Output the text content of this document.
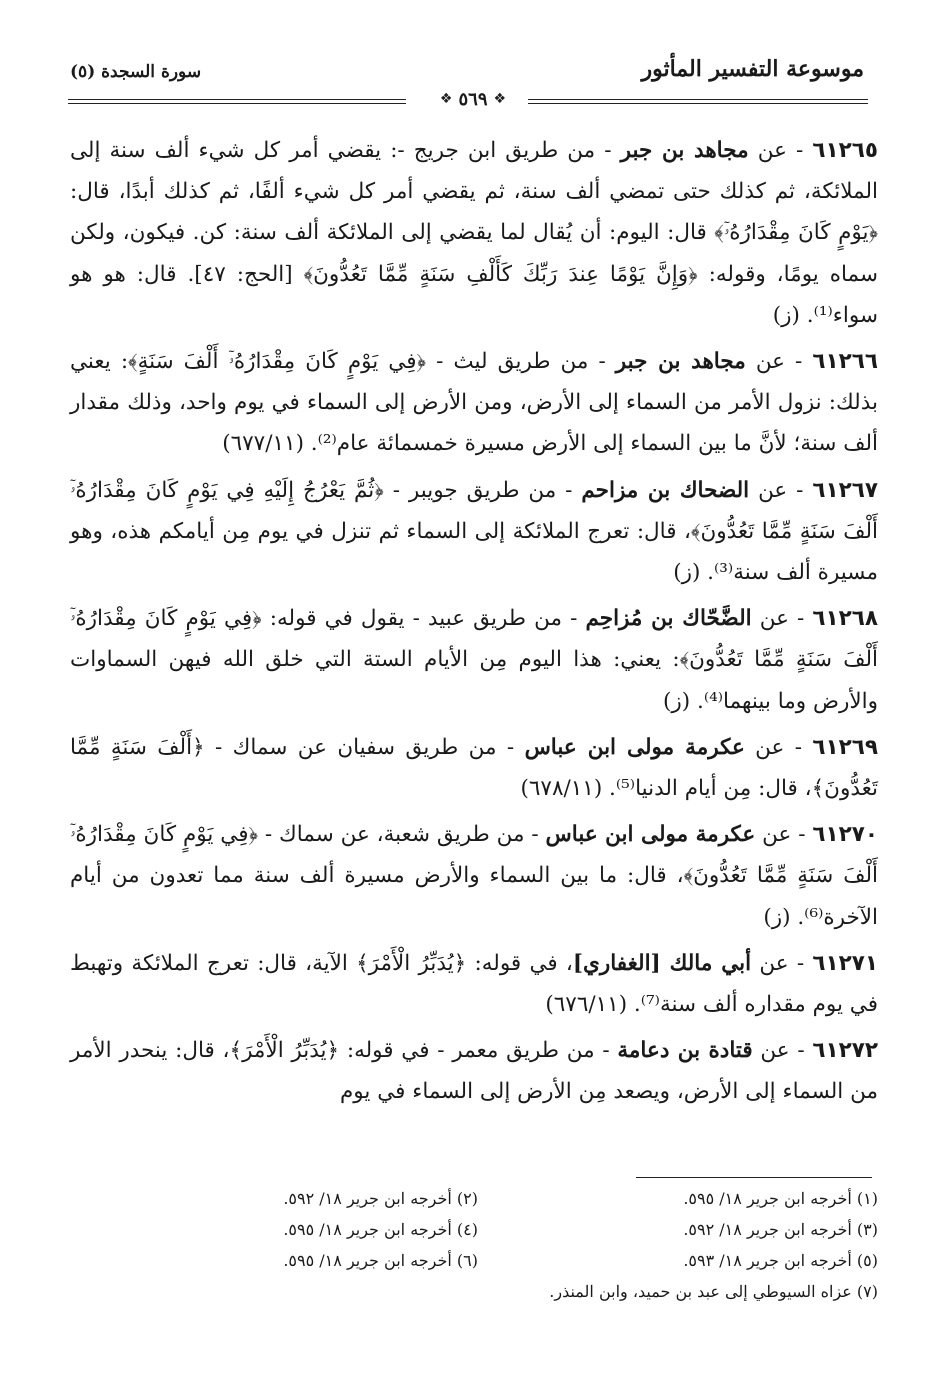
موسوعة التفسير المأثور
سورة السجدة (٥)
❖ ٥٦٩ ❖

٦١٢٦٥ - عن مجاهد بن جبر - من طريق ابن جريج -: يقضي أمر كل شيء ألف سنة إلى الملائكة، ثم كذلك حتى تمضي ألف سنة، ثم يقضي أمر كل شيء ألفًا، ثم كذلك أبدًا، قال: ﴿يَوْمٍ كَانَ مِقْدَارُهُۥٓ﴾ قال: اليوم: أن يُقال لما يقضي إلى الملائكة ألف سنة: كن. فيكون، ولكن سماه يومًا، وقوله: ﴿وَإِنَّ يَوْمًا عِندَ رَبِّكَ كَأَلْفِ سَنَةٍ مِّمَّا تَعُدُّونَ﴾ [الحج: ٤٧]. قال: هو هو سواء⁽¹⁾. (ز)

٦١٢٦٦ - عن مجاهد بن جبر - من طريق ليث - ﴿فِي يَوْمٍ كَانَ مِقْدَارُهُۥٓ أَلْفَ سَنَةٍ﴾: يعني بذلك: نزول الأمر من السماء إلى الأرض، ومن الأرض إلى السماء في يوم واحد، وذلك مقدار ألف سنة؛ لأنَّ ما بين السماء إلى الأرض مسيرة خمسمائة عام⁽²⁾. (٦٧٧/١١)

٦١٢٦٧ - عن الضحاك بن مزاحم - من طريق جويبر - ﴿ثُمَّ يَعْرُجُ إِلَيْهِ فِي يَوْمٍ كَانَ مِقْدَارُهُۥٓ أَلْفَ سَنَةٍ مِّمَّا تَعُدُّونَ﴾، قال: تعرج الملائكة إلى السماء ثم تنزل في يوم مِن أيامكم هذه، وهو مسيرة ألف سنة⁽³⁾. (ز)

٦١٢٦٨ - عن الضَّحّاك بن مُزاحِم - من طريق عبيد - يقول في قوله: ﴿فِي يَوْمٍ كَانَ مِقْدَارُهُۥٓ أَلْفَ سَنَةٍ مِّمَّا تَعُدُّونَ﴾: يعني: هذا اليوم مِن الأيام الستة التي خلق الله فيهن السماوات والأرض وما بينهما⁽⁴⁾. (ز)

٦١٢٦٩ - عن عكرمة مولى ابن عباس - من طريق سفيان عن سماك - ﴿أَلْفَ سَنَةٍ مِّمَّا تَعُدُّونَ﴾، قال: مِن أيام الدنيا⁽⁵⁾. (٦٧٨/١١)

٦١٢٧٠ - عن عكرمة مولى ابن عباس - من طريق شعبة، عن سماك - ﴿فِي يَوْمٍ كَانَ مِقْدَارُهُۥٓ أَلْفَ سَنَةٍ مِّمَّا تَعُدُّونَ﴾، قال: ما بين السماء والأرض مسيرة ألف سنة مما تعدون من أيام الآخرة⁽⁶⁾. (ز)

٦١٢٧١ - عن أبي مالك [الغفاري]، في قوله: ﴿يُدَبِّرُ الْأَمْرَ﴾ الآية، قال: تعرج الملائكة وتهبط في يوم مقداره ألف سنة⁽⁷⁾. (٦٧٦/١١)

٦١٢٧٢ - عن قتادة بن دعامة - من طريق معمر - في قوله: ﴿يُدَبِّرُ الْأَمْرَ﴾، قال: ينحدر الأمر من السماء إلى الأرض، ويصعد مِن الأرض إلى السماء في يوم

(١) أخرجه ابن جرير ١٨/ ٥٩٥.
(٢) أخرجه ابن جرير ١٨/ ٥٩٢.
(٣) أخرجه ابن جرير ١٨/ ٥٩٢.
(٤) أخرجه ابن جرير ١٨/ ٥٩٥.
(٥) أخرجه ابن جرير ١٨/ ٥٩٣.
(٦) أخرجه ابن جرير ١٨/ ٥٩٥.
(٧) عزاه السيوطي إلى عبد بن حميد، وابن المنذر.
